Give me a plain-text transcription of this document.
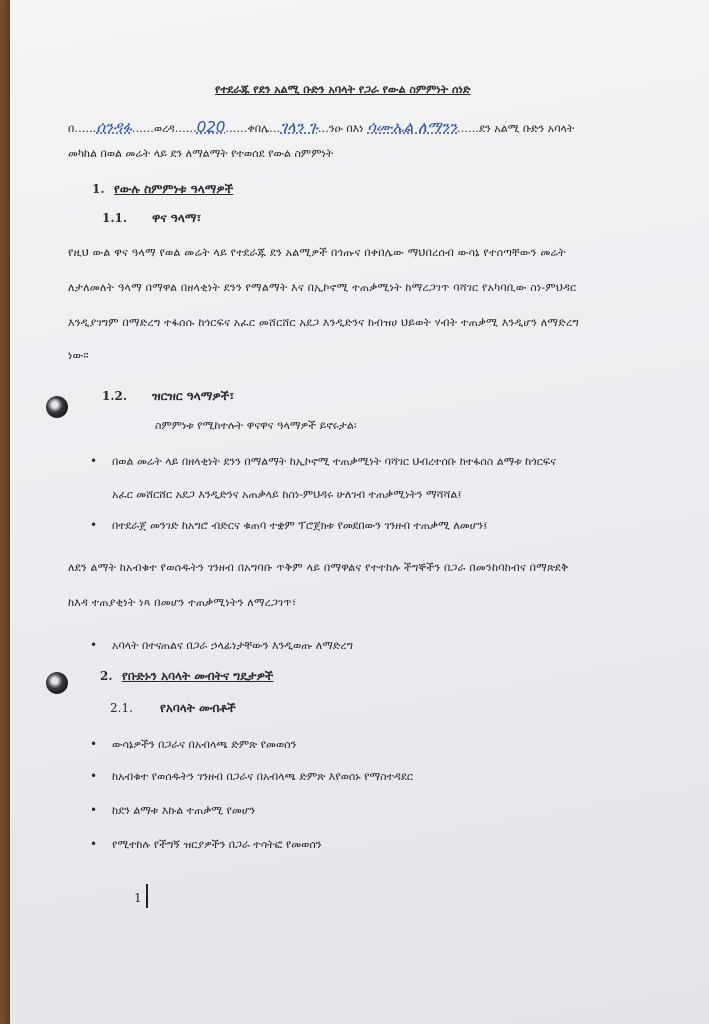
የተደራጁ የደን አልሚ ቡድን አባላት የጋራ የውል ስምምነት ሰነድ
በ……ሰንዳፋ……ወረዳ……020……ቀበሌ…ገላን ጉ…ንዑ በእነ ሳሙኤል ለማንን……ደን አልሚ ቡድን አባላት
መካከል በወል መሬት ላይ ደን ለማልማት የተወሰደ የውል ስምምነት
1. የውሉ ስምምነቱ ዓላማዎች
1.1. ዋና ዓላማ፣
የዚህ ውል ዋና ዓላማ የወል መሬት ላይ የተደራጁ ደን አልሚዎች በጎጡና በቀበሌው ማህበረሰብ ውሳኔ የተሰጣቸውን መሬት
ለታለመለት ዓላማ በማዋል በዘላቂነት ደንን የማልማት እና በኢኮኖሚ ተጠቃሚነት ከማረጋገጥ ባሻገር የአካባቢው ስነ-ምህዳር
እንዲያገግም በማድረግ ተፋሰሱ ከጎርፍና አፈር መሸርሸር አደጋ እንዲድንና ከብዝሀ ህይወት ሃብት ተጠቃሚ እንዲሆን ለማድረግ
ነው።
1.2. ዝርዝር ዓላማዎች፣
ስምምነቱ የሚከተሉት ዋናዋና ዓላማዎች ይኖሩታል፡
• በወል መሬት ላይ በዘላቂነት ደንን በማልማት ከኢኮኖሚ ተጠቃሚነት ባሻገር ህብረተሰቡ ከተፋሰስ ልማቱ ከጎርፍና
አፈር መሸርሸር አደጋ እንዲድንና አጠቃላይ ከስነ-ምህዳሩ ሁለገብ ተጠቃሚነትን ማሻሻል፤
• በተደራጀ መንገድ ከአግሮ ብድርና ቁጠባ ተቋም ፕሮጀክቱ የመደበውን ገንዘብ ተጠቃሚ ለመሆን፤
ለደን ልማት ከአብቁተ የወሰዱትን ገንዘብ በአግባቡ ጥቅም ላይ በማዋልና የተተከሉ ችግኞችን በጋራ በመንከባከብና በማጽደቅ
ከእዳ ተጠያቂነት ነጻ በመሆን ተጠቃሚነትን ለማረጋገጥ፣
• አባላት በተናጠልና በጋራ ኃላፊነታቸውን እንዲወጡ ለማድረግ
2. የቡድኑን አባላት መብትና ግዴታዎች
2.1. የአባላት መብቶች
• ውሳኔዎችን በጋራና በአብላጫ ድምጽ የመወሰን
• ከአብቁተ የወሰዱትን ገንዘብ በጋራና በአብላጫ ድምጽ እየወሰኑ የማስተዳደር
• ከደን ልማቱ እኩል ተጠቃሚ የመሆን
• የሚተከሉ የችግኝ ዝርያዎችን በጋራ ተሳትፎ የመወሰን
1
